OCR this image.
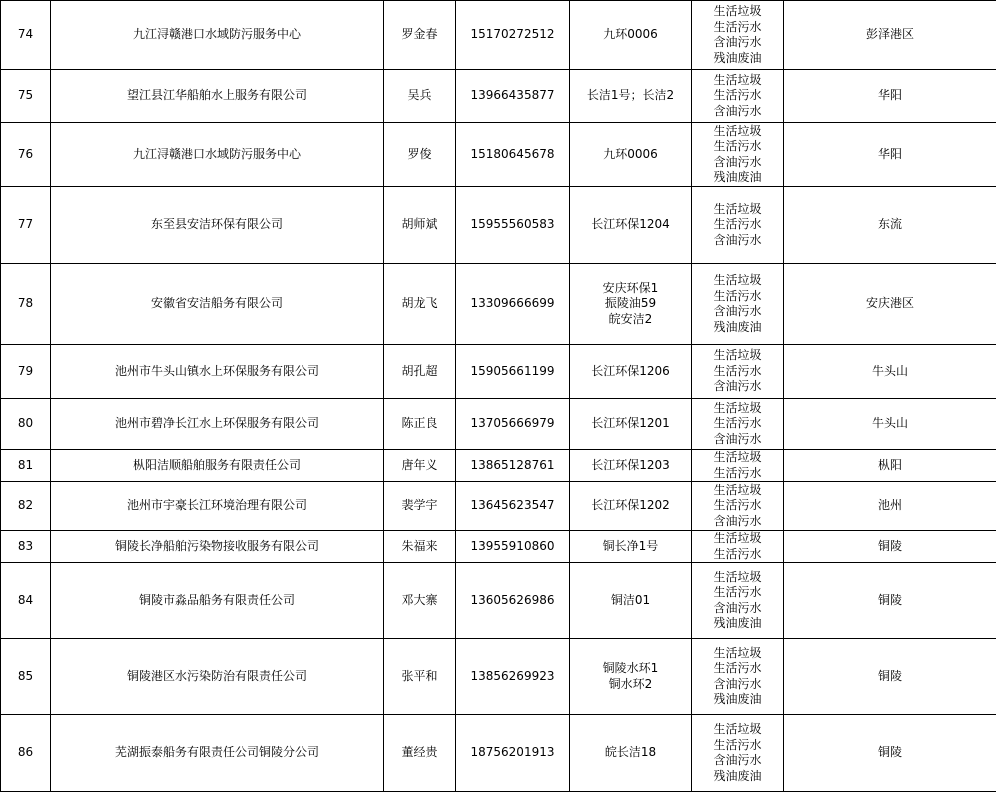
74	九江浔赣港口水域防污服务中心	罗金春	15170272512	九环0006	生活垃圾
生活污水
含油污水
残油废油	彭泽港区
75	望江县江华船舶水上服务有限公司	吴兵	13966435877	长洁1号；长洁2	生活垃圾
生活污水
含油污水	华阳
76	九江浔赣港口水域防污服务中心	罗俊	15180645678	九环0006	生活垃圾
生活污水
含油污水
残油废油	华阳
77	东至县安洁环保有限公司	胡师斌	15955560583	长江环保1204	生活垃圾
生活污水
含油污水	东流
78	安徽省安洁船务有限公司	胡龙飞	13309666699	安庆环保1
振陵油59
皖安洁2	生活垃圾
生活污水
含油污水
残油废油	安庆港区
79	池州市牛头山镇水上环保服务有限公司	胡孔超	15905661199	长江环保1206	生活垃圾
生活污水
含油污水	牛头山
80	池州市碧净长江水上环保服务有限公司	陈正良	13705666979	长江环保1201	生活垃圾
生活污水
含油污水	牛头山
81	枞阳洁顺船舶服务有限责任公司	唐年义	13865128761	长江环保1203	生活垃圾
生活污水	枞阳
82	池州市宇豪长江环境治理有限公司	裴学宇	13645623547	长江环保1202	生活垃圾
生活污水
含油污水	池州
83	铜陵长净船舶污染物接收服务有限公司	朱福来	13955910860	铜长净1号	生活垃圾
生活污水	铜陵
84	铜陵市淼品船务有限责任公司	邓大寨	13605626986	铜洁01	生活垃圾
生活污水
含油污水
残油废油	铜陵
85	铜陵港区水污染防治有限责任公司	张平和	13856269923	铜陵水环1
铜水环2	生活垃圾
生活污水
含油污水
残油废油	铜陵
86	芜湖振泰船务有限责任公司铜陵分公司	董经贵	18756201913	皖长洁18	生活垃圾
生活污水
含油污水
残油废油	铜陵
